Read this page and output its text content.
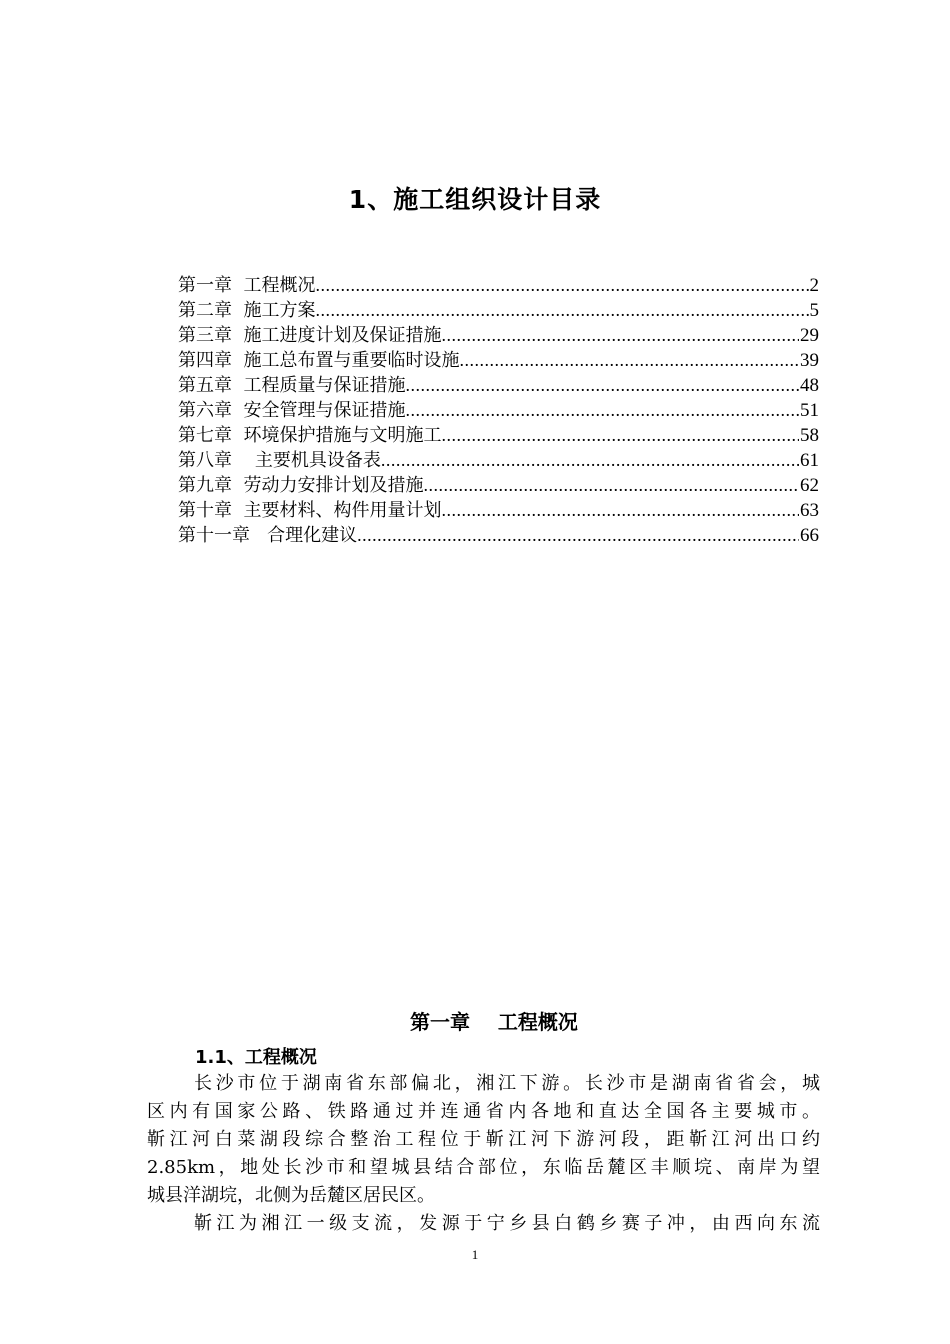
1、施工组织设计目录
第一章  工程概况 .....	2
第二章  施工方案 .....	5
第三章  施工进度计划及保证措施 .....	29
第四章  施工总布置与重要临时设施 .....	39
第五章  工程质量与保证措施 .....	48
第六章  安全管理与保证措施 .....	51
第七章  环境保护措施与文明施工 .....	58
第八章    主要机具设备表 .....	61
第九章  劳动力安排计划及措施 .....	62
第十章  主要材料、构件用量计划 .....	63
第十一章   合理化建议 .....	66
第一章    工程概况
1.1、工程概况
长沙市位于湖南省东部偏北，湘江下游。长沙市是湖南省省会，城
区内有国家公路、铁路通过并连通省内各地和直达全国各主要城市。
靳江河白菜湖段综合整治工程位于靳江河下游河段，距靳江河出口约
2.85km，地处长沙市和望城县结合部位，东临岳麓区丰顺垸、南岸为望
城县洋湖垸，北侧为岳麓区居民区。
靳江为湘江一级支流，发源于宁乡县白鹤乡赛子冲，由西向东流
1
